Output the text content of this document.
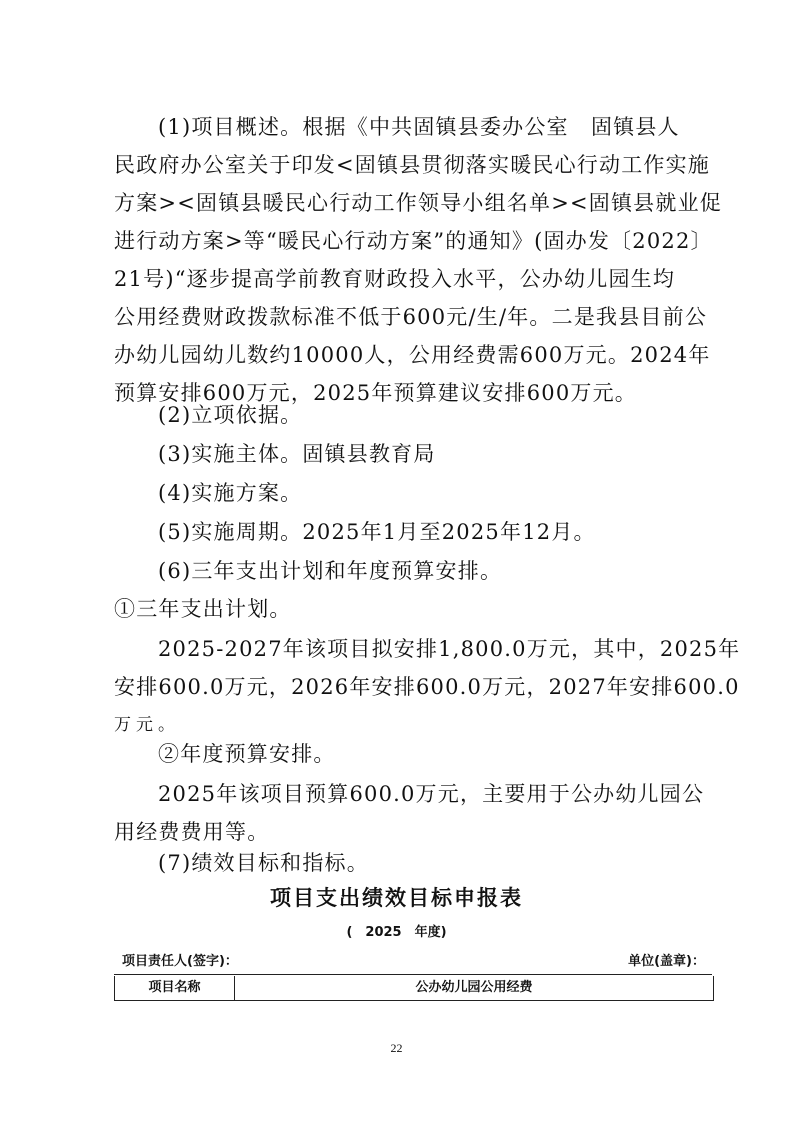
(1)项目概述。根据《中共固镇县委办公室　固镇县人
民政府办公室关于印发<固镇县贯彻落实暖民心行动工作实施
方案><固镇县暖民心行动工作领导小组名单><固镇县就业促
进行动方案>等“暖民心行动方案”的通知》(固办发〔2022〕
21号)“逐步提高学前教育财政投入水平，公办幼儿园生均
公用经费财政拨款标准不低于600元/生/年。二是我县目前公
办幼儿园幼儿数约10000人，公用经费需600万元。2024年
预算安排600万元，2025年预算建议安排600万元。

(2)立项依据。

(3)实施主体。固镇县教育局

(4)实施方案。

(5)实施周期。2025年1月至2025年12月。

(6)三年支出计划和年度预算安排。

①三年支出计划。

2025-2027年该项目拟安排1,800.0万元，其中，2025年
安排600.0万元，2026年安排600.0万元，2027年安排600.0
万元。

②年度预算安排。

2025年该项目预算600.0万元，主要用于公办幼儿园公
用经费费用等。

(7)绩效目标和指标。

项目支出绩效目标申报表
(　2025　年度)
项目责任人(签字)：	单位(盖章)：
项目名称	公办幼儿园公用经费
22
